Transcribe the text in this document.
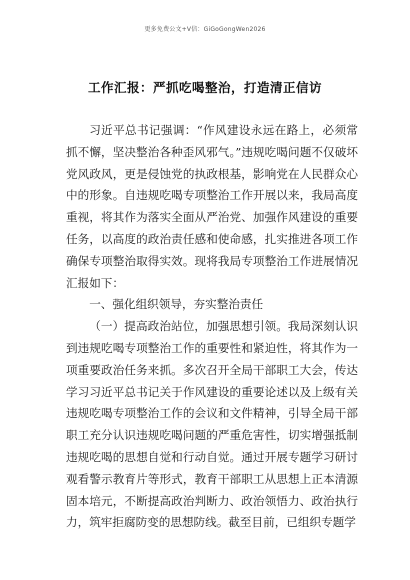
更多免费公文+V信：GiGoGongWen2026
工作汇报：严抓吃喝整治，打造清正信访

习近平总书记强调：“作风建设永远在路上，必须常抓不懈，坚决整治各种歪风邪气。”违规吃喝问题不仅破坏党风政风，更是侵蚀党的执政根基，影响党在人民群众心中的形象。自违规吃喝专项整治工作开展以来，我局高度重视，将其作为落实全面从严治党、加强作风建设的重要任务，以高度的政治责任感和使命感，扎实推进各项工作确保专项整治取得实效。现将我局专项整治工作进展情况汇报如下：

一、强化组织领导，夯实整治责任

（一）提高政治站位，加强思想引领。我局深刻认识到违规吃喝专项整治工作的重要性和紧迫性，将其作为一项重要政治任务来抓。多次召开全局干部职工大会，传达学习习近平总书记关于作风建设的重要论述以及上级有关违规吃喝专项整治工作的会议和文件精神，引导全局干部职工充分认识违规吃喝问题的严重危害性，切实增强抵制违规吃喝的思想自觉和行动自觉。通过开展专题学习研讨观看警示教育片等形式，教育干部职工从思想上正本清源固本培元，不断提高政治判断力、政治领悟力、政治执行力，筑牢拒腐防变的思想防线。截至目前，已组织专题学
